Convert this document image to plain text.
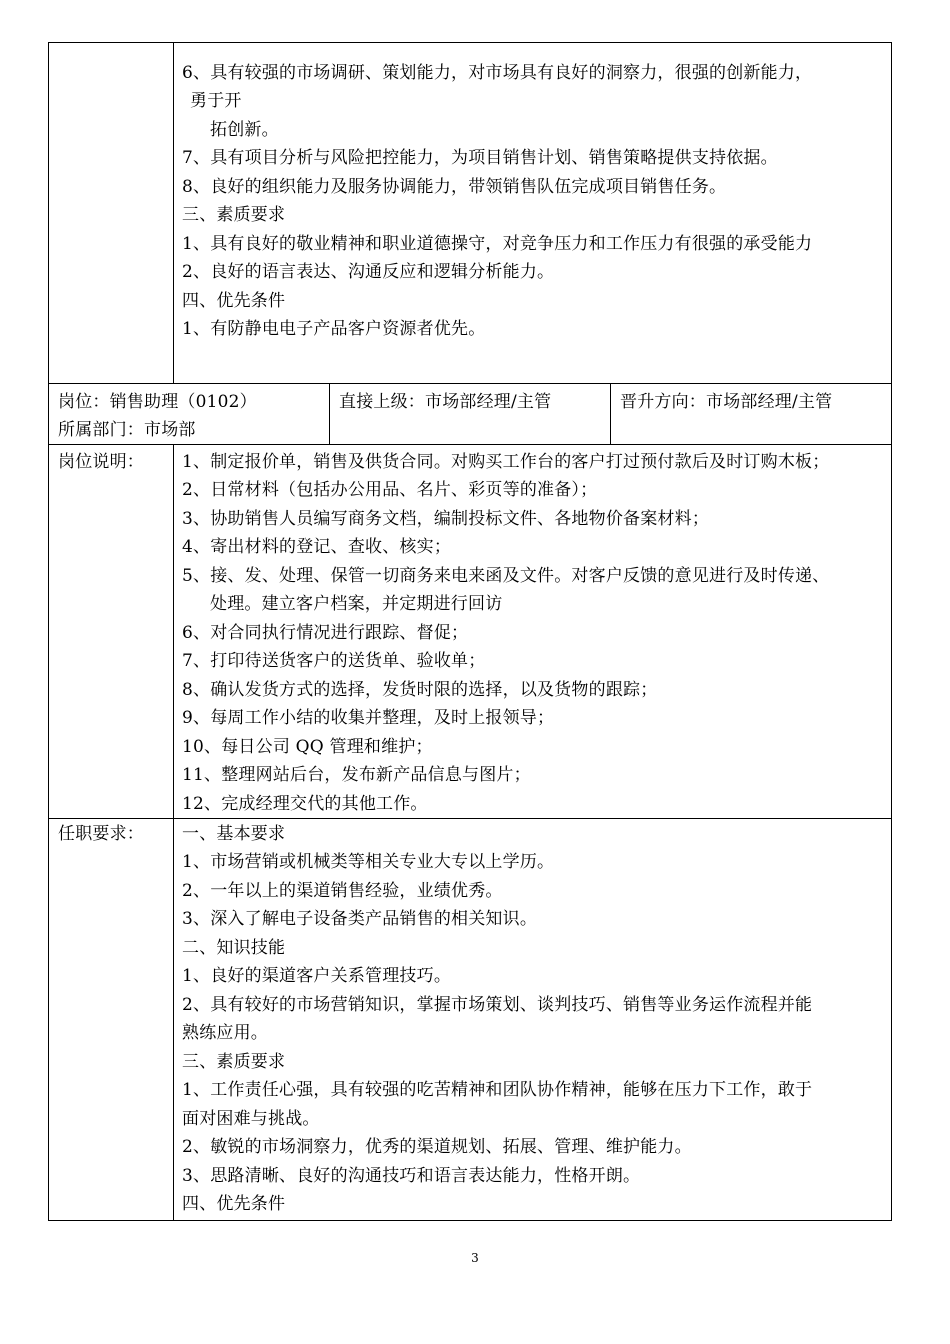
6、具有较强的市场调研、策划能力，对市场具有良好的洞察力，很强的创新能力，
勇于开
拓创新。
7、具有项目分析与风险把控能力，为项目销售计划、销售策略提供支持依据。
8、良好的组织能力及服务协调能力，带领销售队伍完成项目销售任务。
三、素质要求
1、具有良好的敬业精神和职业道德操守，对竞争压力和工作压力有很强的承受能力
2、良好的语言表达、沟通反应和逻辑分析能力。
四、优先条件
1、有防静电电子产品客户资源者优先。
岗位：销售助理（0102）
所属部门：市场部
直接上级：市场部经理/主管	晋升方向：市场部经理/主管
岗位说明： 1、制定报价单，销售及供货合同。对购买工作台的客户打过预付款后及时订购木板；
2、日常材料（包括办公用品、名片、彩页等的准备）；
3、协助销售人员编写商务文档，编制投标文件、各地物价备案材料；
4、寄出材料的登记、查收、核实；
5、接、发、处理、保管一切商务来电来函及文件。对客户反馈的意见进行及时传递、
处理。建立客户档案，并定期进行回访
6、对合同执行情况进行跟踪、督促；
7、打印待送货客户的送货单、验收单；
8、确认发货方式的选择，发货时限的选择，以及货物的跟踪；
9、每周工作小结的收集并整理，及时上报领导；
10、每日公司 QQ 管理和维护；
11、整理网站后台，发布新产品信息与图片；
12、完成经理交代的其他工作。
任职要求： 一、基本要求
1、市场营销或机械类等相关专业大专以上学历。
2、一年以上的渠道销售经验，业绩优秀。
3、深入了解电子设备类产品销售的相关知识。
二、知识技能
1、良好的渠道客户关系管理技巧。
2、具有较好的市场营销知识，掌握市场策划、谈判技巧、销售等业务运作流程并能
熟练应用。
三、素质要求
1、工作责任心强，具有较强的吃苦精神和团队协作精神，能够在压力下工作，敢于
面对困难与挑战。
2、敏锐的市场洞察力，优秀的渠道规划、拓展、管理、维护能力。
3、思路清晰、良好的沟通技巧和语言表达能力，性格开朗。
四、优先条件
3
